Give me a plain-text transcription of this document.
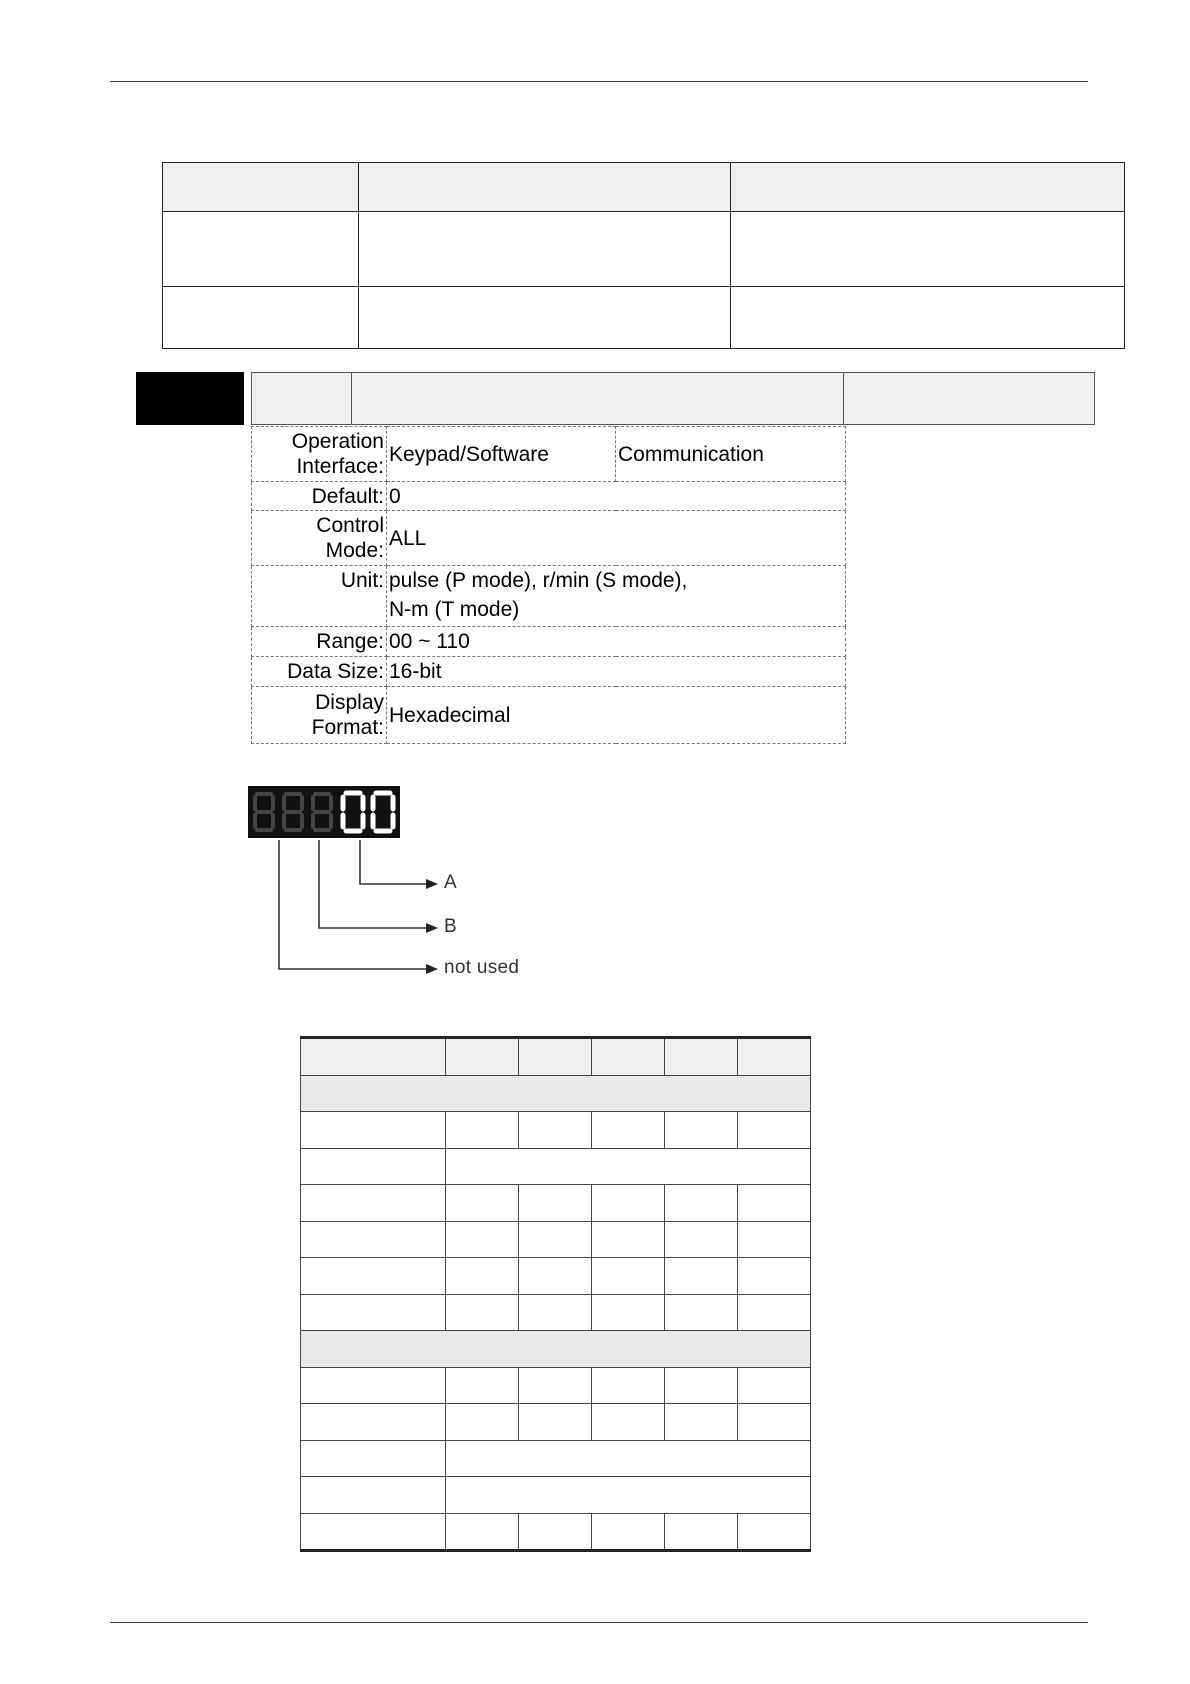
Operation Interface:	Keypad/Software	Communication
Default:	0	
Control Mode:	ALL	

Unit:	pulse (P mode), r/min (S mode),
N-m (T mode)	

Range:	00 ~ 110	
Data Size:	16-bit	
Display Format:	Hexadecimal	
A
B
not used
